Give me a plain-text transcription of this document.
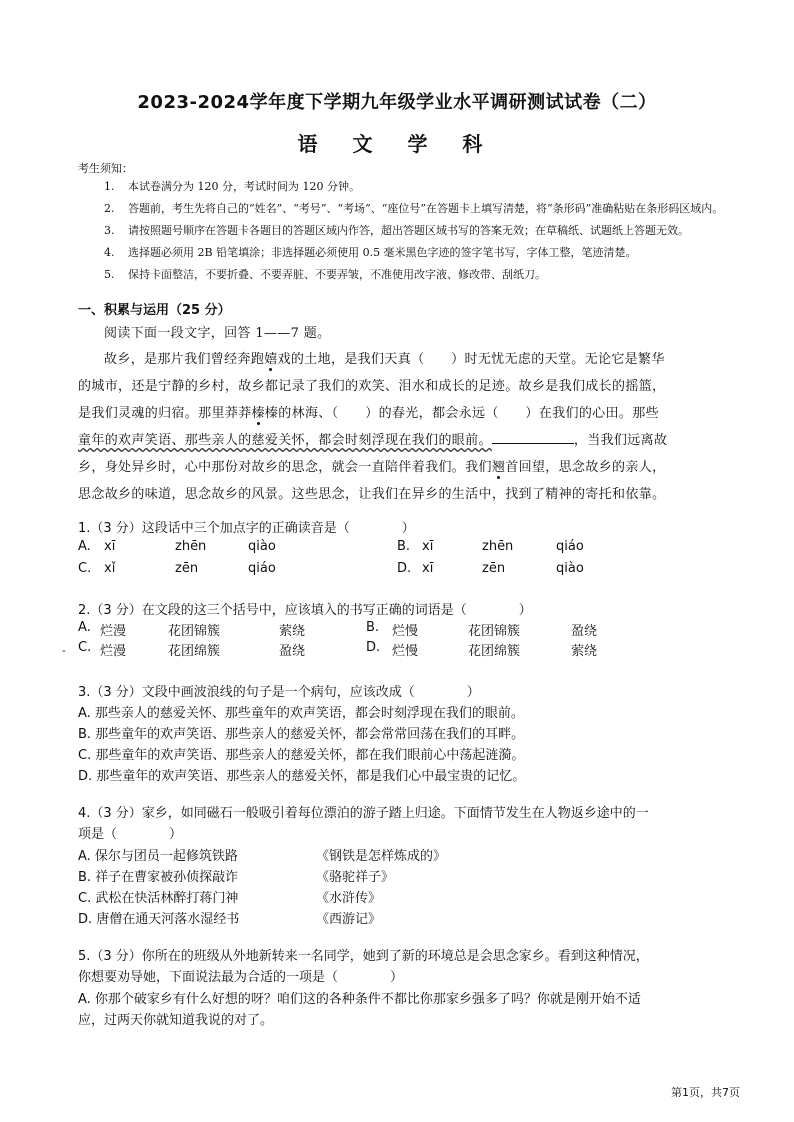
2023-2024学年度下学期九年级学业水平调研测试试卷（二）
语 文 学 科
考生须知：
1.	本试卷满分为 120 分，考试时间为 120 分钟。
2.	答题前，考生先将自己的“姓名”、“考号”、“考场”、“座位号”在答题卡上填写清楚，将“条形码”准确粘贴在条形码区域内。
3.	请按照题号顺序在答题卡各题目的答题区域内作答，超出答题区域书写的答案无效；在草稿纸、试题纸上答题无效。
4.	选择题必须用 2B 铅笔填涂；非选择题必须使用 0.5 毫米黑色字迹的签字笔书写，字体工整，笔迹清楚。
5.	保持卡面整洁，不要折叠、不要弄脏、不要弄皱，不准使用改字液、修改带、刮纸刀。
一、积累与运用（25 分）
阅读下面一段文字，回答 1——7 题。
故乡，是那片我们曾经奔跑嬉戏的土地，是我们天真（　　）时无忧无虑的天堂。无论它是繁华
的城市，还是宁静的乡村，故乡都记录了我们的欢笑、泪水和成长的足迹。故乡是我们成长的摇篮，
是我们灵魂的归宿。那里莽莽榛榛的林海、（　　）的春光，都会永远（　　）在我们的心田。那些
童年的欢声笑语、那些亲人的慈爱关怀，都会时刻浮现在我们的眼前。	，当我们远离故
乡，身处异乡时，心中那份对故乡的思念，就会一直陪伴着我们。我们翘首回望，思念故乡的亲人，
思念故乡的味道，思念故乡的风景。这些思念，让我们在异乡的生活中，找到了精神的寄托和依靠。
1.（3 分）这段话中三个加点字的正确读音是（　　　　）
A. xī	zhēn	qiào	B. xī	zhēn	qiáo
C. xǐ	zēn	qiáo	D. xī	zēn	qiào
2.（3 分）在文段的这三个括号中，应该填入的书写正确的词语是（　　　　）
A. 烂漫	花团锦簇	萦绕	B. 烂慢	花团锦簇	盈绕
- C. 烂漫	花团绵簇	盈绕	D. 烂慢	花团绵簇	萦绕
3.（3 分）文段中画波浪线的句子是一个病句，应该改成（　　　　）
A. 那些亲人的慈爱关怀、那些童年的欢声笑语，都会时刻浮现在我们的眼前。
B. 那些童年的欢声笑语、那些亲人的慈爱关怀，都会常常回荡在我们的耳畔。
C. 那些童年的欢声笑语、那些亲人的慈爱关怀，都在我们眼前心中荡起涟漪。
D. 那些童年的欢声笑语、那些亲人的慈爱关怀，都是我们心中最宝贵的记忆。
4.（3 分）家乡，如同磁石一般吸引着每位漂泊的游子踏上归途。下面情节发生在人物返乡途中的一
项是（　　　　）
A. 保尔与团员一起修筑铁路	《钢铁是怎样炼成的》
B. 祥子在曹家被孙侦探敲诈	《骆驼祥子》
C. 武松在快活林醉打蒋门神	《水浒传》
D. 唐僧在通天河落水湿经书	《西游记》
5.（3 分）你所在的班级从外地新转来一名同学，她到了新的环境总是会思念家乡。看到这种情况，
你想要劝导她，下面说法最为合适的一项是（　　　　）
A. 你那个破家乡有什么好想的呀？咱们这的各种条件不都比你那家乡强多了吗？你就是刚开始不适
应，过两天你就知道我说的对了。
第1页，共7页
